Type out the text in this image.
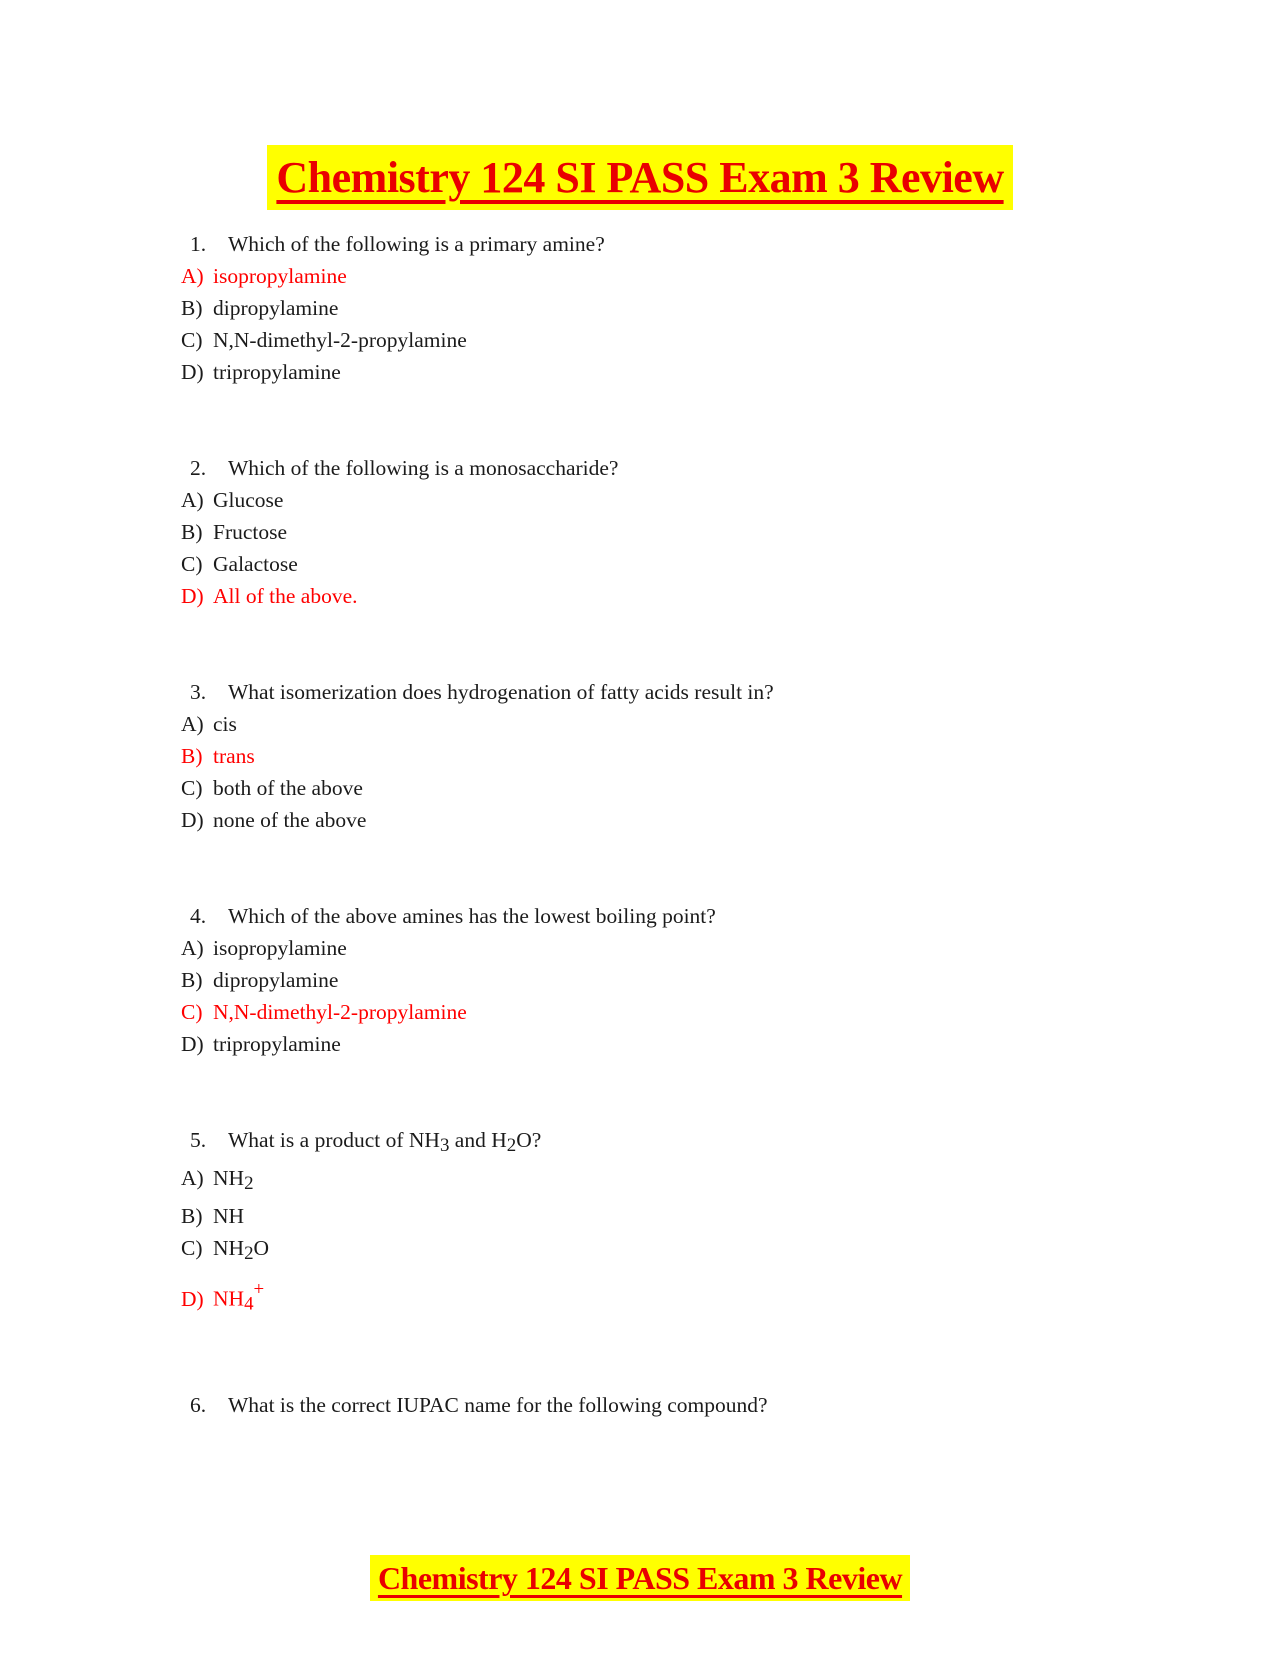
Chemistry 124 SI PASS Exam 3 Review
1.	Which of the following is a primary amine?
A) isopropylamine
B) dipropylamine
C) N,N-dimethyl-2-propylamine
D) tripropylamine
2.	Which of the following is a monosaccharide?
A) Glucose
B) Fructose
C) Galactose
D) All of the above.
3.	What isomerization does hydrogenation of fatty acids result in?
A) cis
B) trans
C) both of the above
D) none of the above
4.	Which of the above amines has the lowest boiling point?
A) isopropylamine
B) dipropylamine
C) N,N-dimethyl-2-propylamine
D) tripropylamine
5.	What is a product of NH3 and H2O?
A) NH2
B) NH
C) NH2O
D) NH4+
6.	What is the correct IUPAC name for the following compound?
Chemistry 124 SI PASS Exam 3 Review
